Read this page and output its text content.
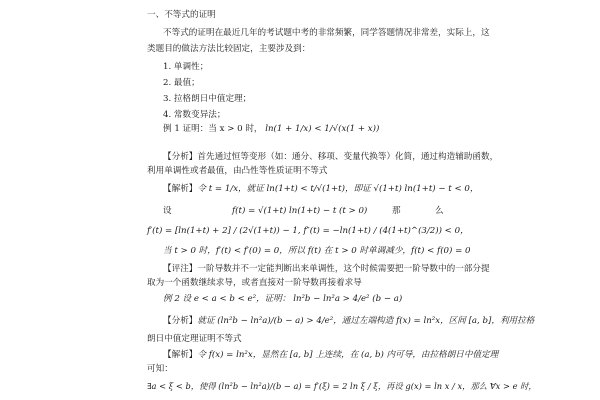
一、不等式的证明
不等式的证明在最近几年的考试题中考的非常频繁，同学答题情况非常差，实际上，这
类题目的做法方法比较固定，主要涉及到：
1. 单调性；
2. 最值；
3. 拉格朗日中值定理；
4. 常数变异法；
例 1 证明：当 x > 0 时， ln(1 + 1/x) < 1/√(x(1 + x))
【分析】首先通过恒等变形（如：通分、移项、变量代换等）化简，通过构造辅助函数，
利用单调性或者最值，由凸性等性质证明不等式
【解析】令 t = 1/x，就证 ln(1+t) < t/√(1+t)，即证 √(1+t) ln(1+t) − t < 0，
设	f(t) = √(1+t) ln(1+t) − t (t > 0)	那	么
f′(t) = [ln(1+t) + 2] / (2√(1+t)) − 1, f″(t) = −ln(1+t) / (4(1+t)^(3/2)) < 0，
当 t > 0 时，f′(t) < f′(0) = 0，所以 f(t) 在 t > 0 时单调减少，f(t) < f(0) = 0
【评注】一阶导数并不一定能判断出来单调性，这个时候需要把一阶导数中的一部分提
取为一个函数继续求导，或者直接对一阶导数再接着求导
例 2 设 e < a < b < e²，证明： ln²b − ln²a > 4/e² (b − a)
【分析】就证 (ln²b − ln²a)/(b − a) > 4/e²，通过左端构造 f(x) = ln²x，区间 [a, b]，利用拉格
朗日中值定理证明不等式
【解析】令 f(x) = ln²x，显然在 [a, b] 上连续，在 (a, b) 内可导，由拉格朗日中值定理
可知：
∃a < ξ < b，使得 (ln²b − ln²a)/(b − a) = f′(ξ) = 2 ln ξ / ξ，再设 g(x) = ln x / x，那么 Ɐx > e 时，
